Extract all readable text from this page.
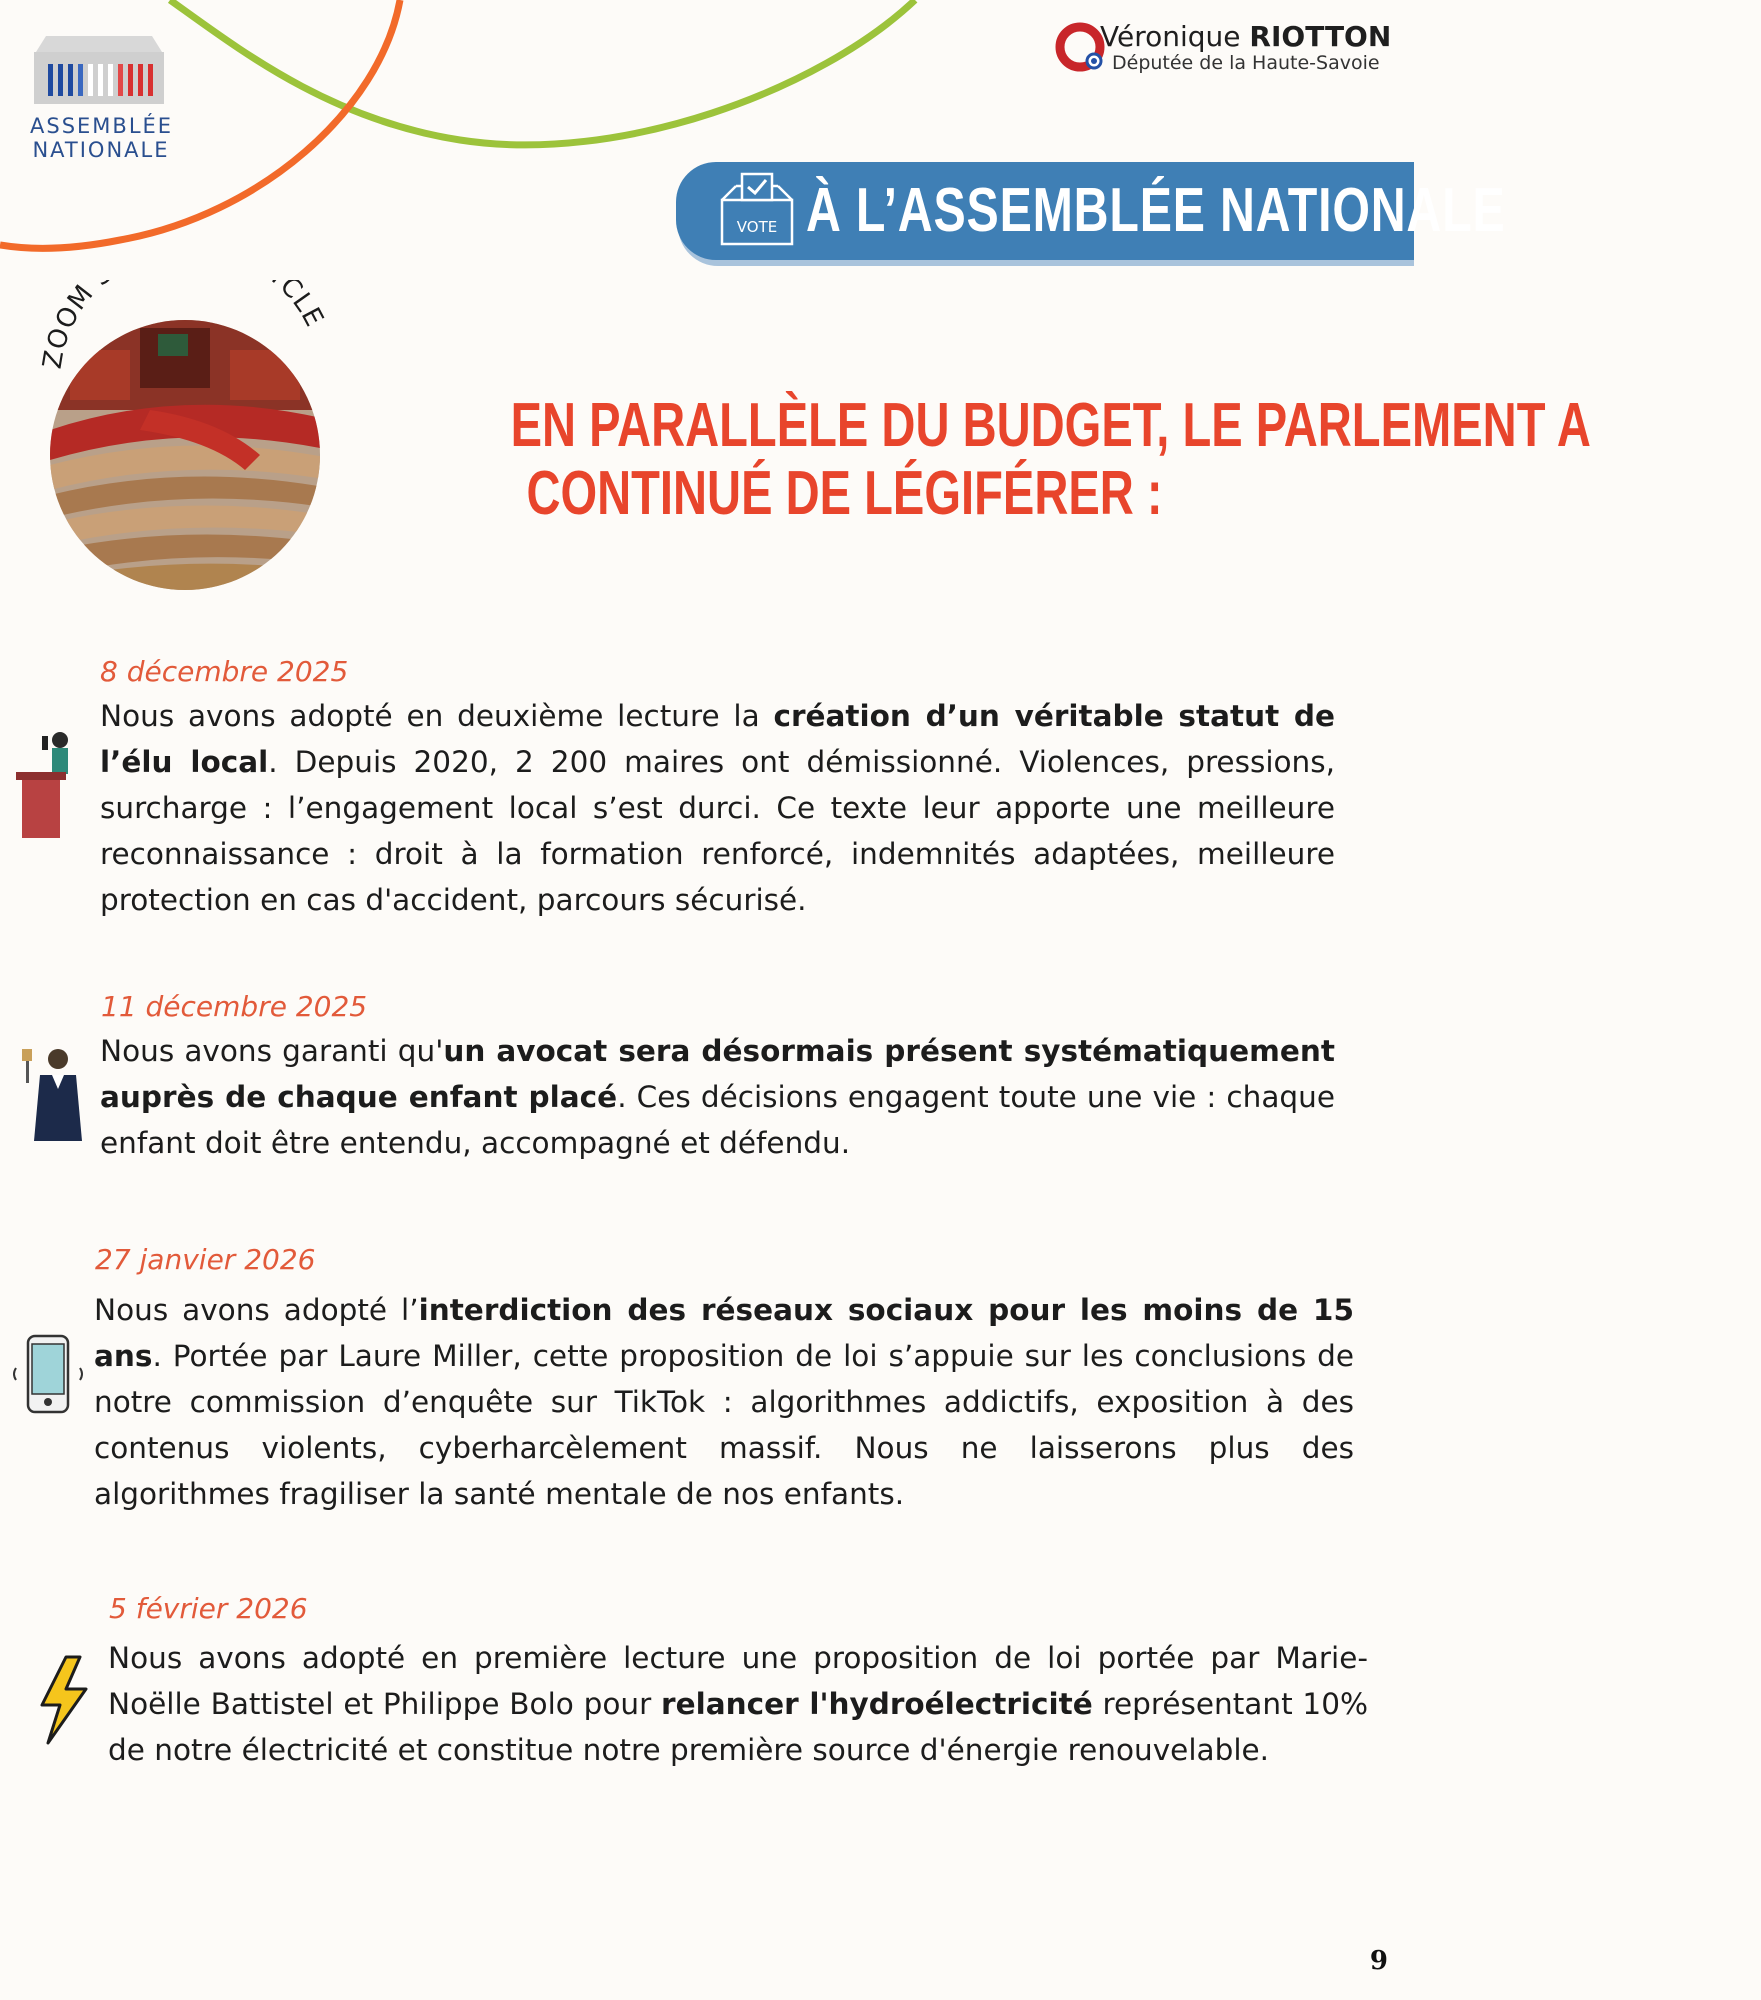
ASSEMBLÉE
NATIONALE
Véronique RIOTTON
Députée de la Haute-Savoie
VOTE À L’ASSEMBLÉE NATIONALE
ZOOM CLE
EN PARALLÈLE DU BUDGET, LE PARLEMENT A
CONTINUÉ DE LÉGIFÉRER :
8 décembre 2025
Nous avons adopté en deuxième lecture la création d’un véritable statut de l’élu local. Depuis 2020, 2 200 maires ont démissionné. Violences, pressions, surcharge : l’engagement local s’est durci. Ce texte leur apporte une meilleure reconnaissance : droit à la formation renforcé, indemnités adaptées, meilleure protection en cas d'accident, parcours sécurisé.
11 décembre 2025
Nous avons garanti qu'un avocat sera désormais présent systématiquement auprès de chaque enfant placé. Ces décisions engagent toute une vie : chaque enfant doit être entendu, accompagné et défendu.
27 janvier 2026
Nous avons adopté l’interdiction des réseaux sociaux pour les moins de 15 ans. Portée par Laure Miller, cette proposition de loi s’appuie sur les conclusions de notre commission d’enquête sur TikTok : algorithmes addictifs, exposition à des contenus violents, cyberharcèlement massif. Nous ne laisserons plus des algorithmes fragiliser la santé mentale de nos enfants.
5 février 2026
Nous avons adopté en première lecture une proposition de loi portée par Marie-Noëlle Battistel et Philippe Bolo pour relancer l'hydroélectricité représentant 10% de notre électricité et constitue notre première source d'énergie renouvelable.
9
